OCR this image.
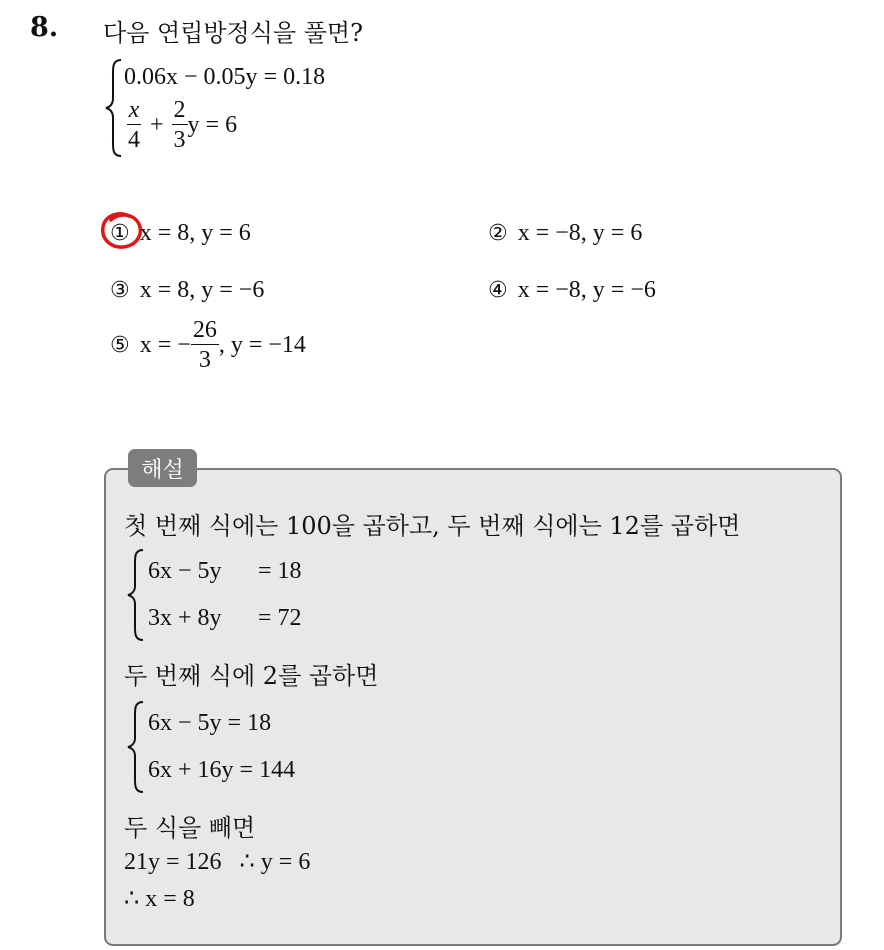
8. 다음 연립방정식을 풀면?
0.06x − 0.05y = 0.18
$\frac{x}{4} + \frac{2}{3}$ y = 6
① x = 8, y = 6	② x = −8, y = 6
③ x = 8, y = −6	④ x = −8, y = −6
⑤ x = − $\frac{26}{3}$ , y = −14
해설
첫 번째 식에는 100을 곱하고, 두 번째 식에는 12를 곱하면
6x − 5y = 18
3x + 8y = 72
두 번째 식에 2를 곱하면
6x − 5y = 18
6x + 16y = 144
두 식을 빼면
21y = 126   ∴ y = 6
∴ x = 8
